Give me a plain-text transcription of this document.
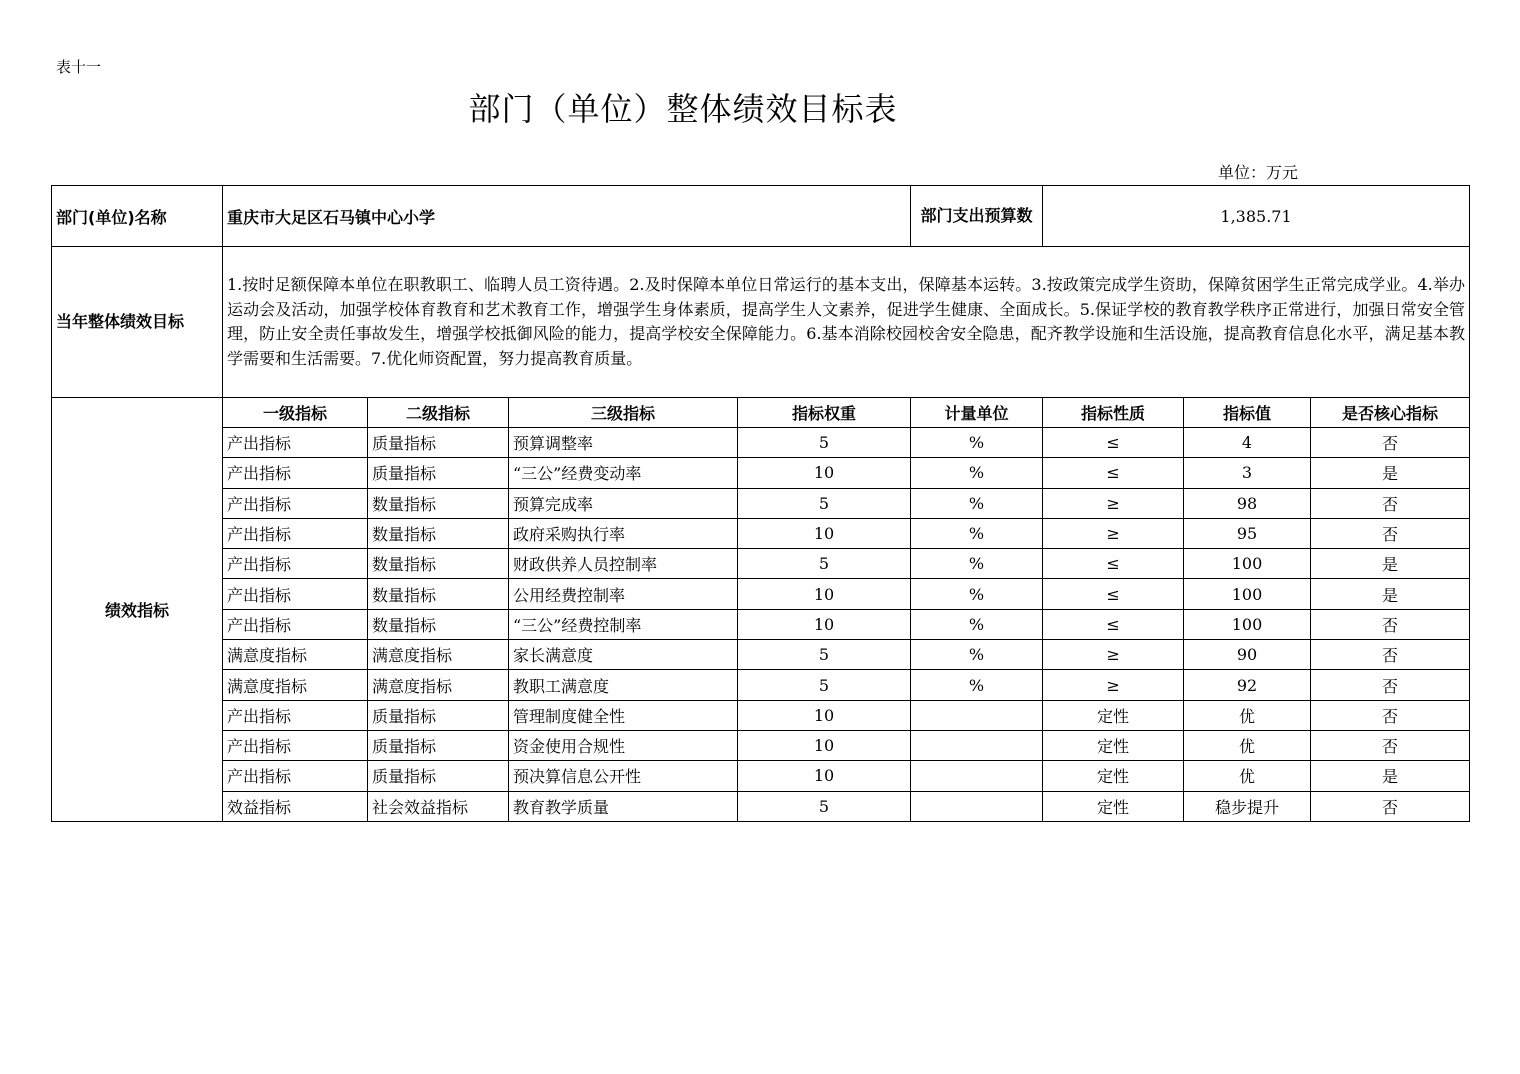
表十一
部门（单位）整体绩效目标表
单位：万元
部门(单位)名称	重庆市大足区石马镇中心小学				部门支出预算数	1,385.71		
当年整体绩效目标	1.按时足额保障本单位在职教职工、临聘人员工资待遇。2.及时保障本单位日常运行的基本支出，保障基本运转。3.按政策完成学生资助，保障贫困学生正常完成学业。4.举办运动会及活动，加强学校体育教育和艺术教育工作，增强学生身体素质，提高学生人文素养，促进学生健康、全面成长。5.保证学校的教育教学秩序正常进行，加强日常安全管理，防止安全责任事故发生，增强学校抵御风险的能力，提高学校安全保障能力。6.基本消除校园校舍安全隐患，配齐教学设施和生活设施，提高教育信息化水平，满足基本教学需要和生活需要。7.优化师资配置，努力提高教育质量。							
绩效指标	一级指标	二级指标	三级指标	指标权重	计量单位	指标性质	指标值	是否核心指标
	产出指标	质量指标	预算调整率	5	%	≤	4	否
	产出指标	质量指标	“三公”经费变动率	10	%	≤	3	是
	产出指标	数量指标	预算完成率	5	%	≥	98	否
	产出指标	数量指标	政府采购执行率	10	%	≥	95	否
	产出指标	数量指标	财政供养人员控制率	5	%	≤	100	是
	产出指标	数量指标	公用经费控制率	10	%	≤	100	是
	产出指标	数量指标	“三公”经费控制率	10	%	≤	100	否
	满意度指标	满意度指标	家长满意度	5	%	≥	90	否
	满意度指标	满意度指标	教职工满意度	5	%	≥	92	否
	产出指标	质量指标	管理制度健全性	10		定性	优	否
	产出指标	质量指标	资金使用合规性	10		定性	优	否
	产出指标	质量指标	预决算信息公开性	10		定性	优	是
	效益指标	社会效益指标	教育教学质量	5		定性	稳步提升	否
